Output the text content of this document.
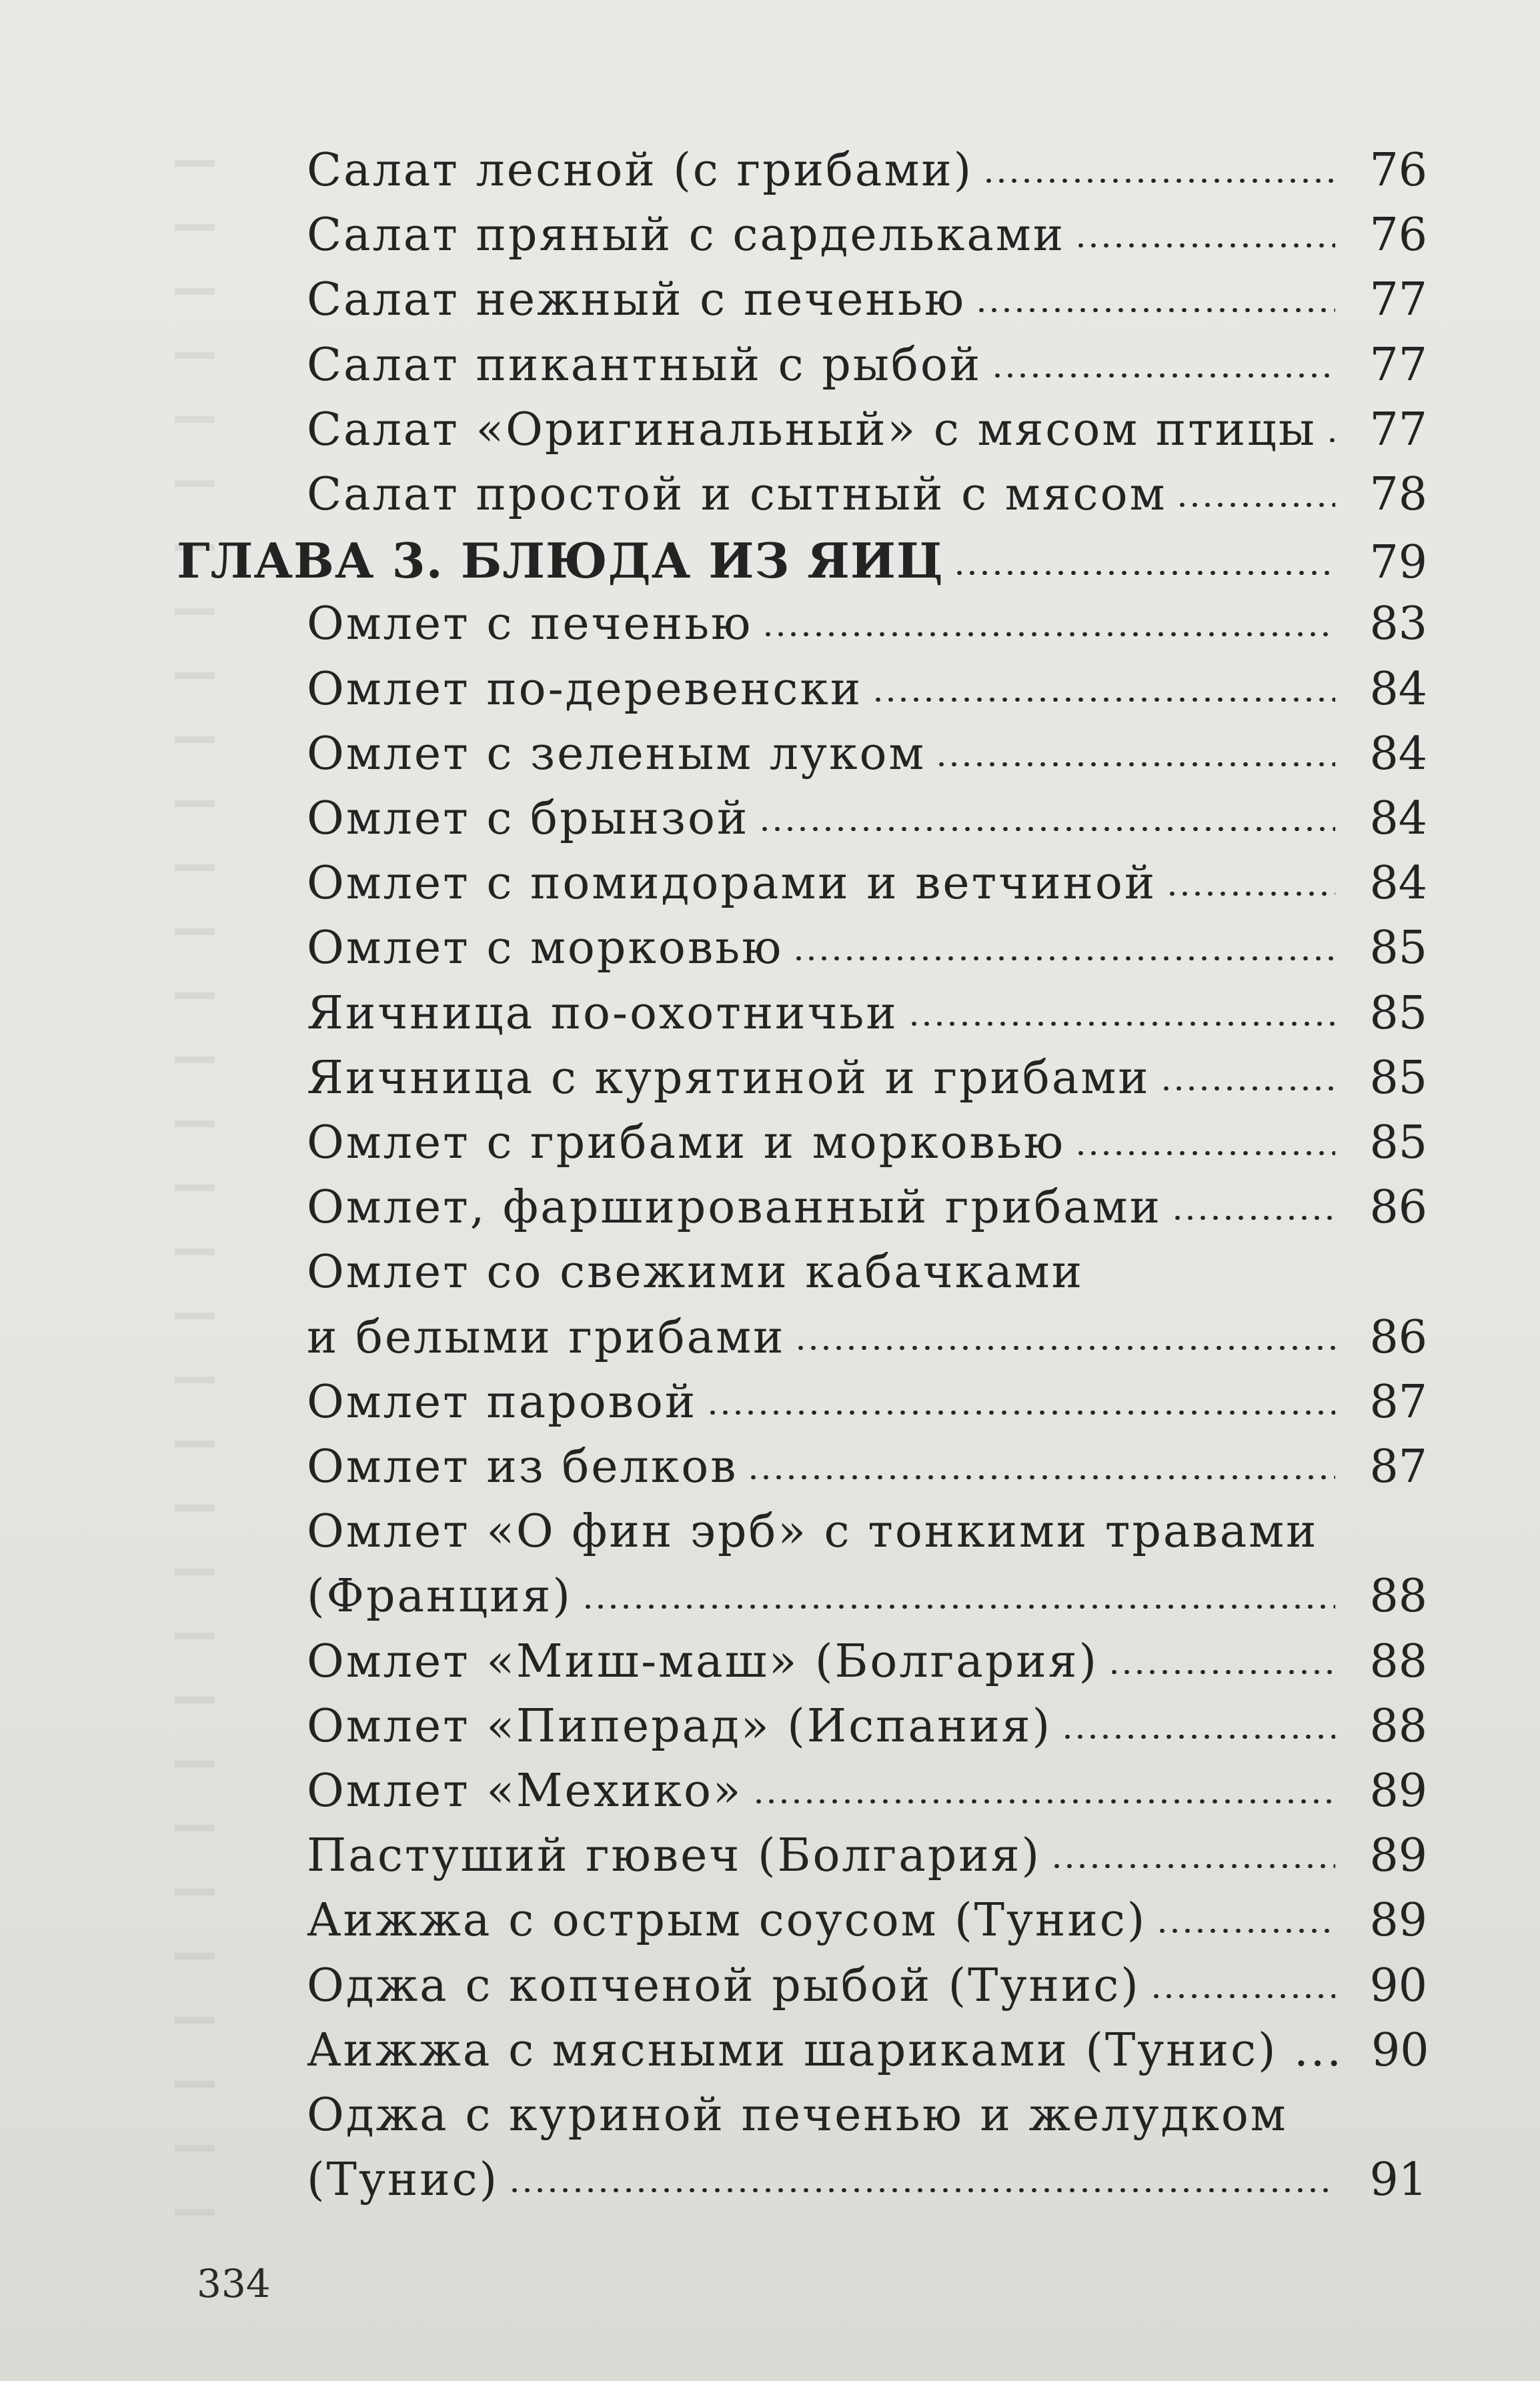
Салат лесной (с грибами)	76
Салат пряный с сардельками	76
Салат нежный с печенью	77
Салат пикантный с рыбой	77
Салат «Оригинальный» с мясом птицы	77
Салат простой и сытный с мясом	78
ГЛАВА 3. БЛЮДА ИЗ ЯИЦ	79
Омлет с печенью	83
Омлет по-деревенски	84
Омлет с зеленым луком	84
Омлет с брынзой	84
Омлет с помидорами и ветчиной	84
Омлет с морковью	85
Яичница по-охотничьи	85
Яичница с курятиной и грибами	85
Омлет с грибами и морковью	85
Омлет, фаршированный грибами	86
Омлет со свежими кабачками
и белыми грибами	86
Омлет паровой	87
Омлет из белков	87
Омлет «О фин эрб» с тонкими травами
(Франция)	88
Омлет «Миш-маш» (Болгария)	88
Омлет «Пиперад» (Испания)	88
Омлет «Мехико»	89
Пастуший гювеч (Болгария)	89
Аижжа с острым соусом (Тунис)	89
Оджа с копченой рыбой (Тунис)	90
Аижжа с мясными шариками (Тунис) ... 90
Оджа с куриной печенью и желудком
(Тунис)	91
334
